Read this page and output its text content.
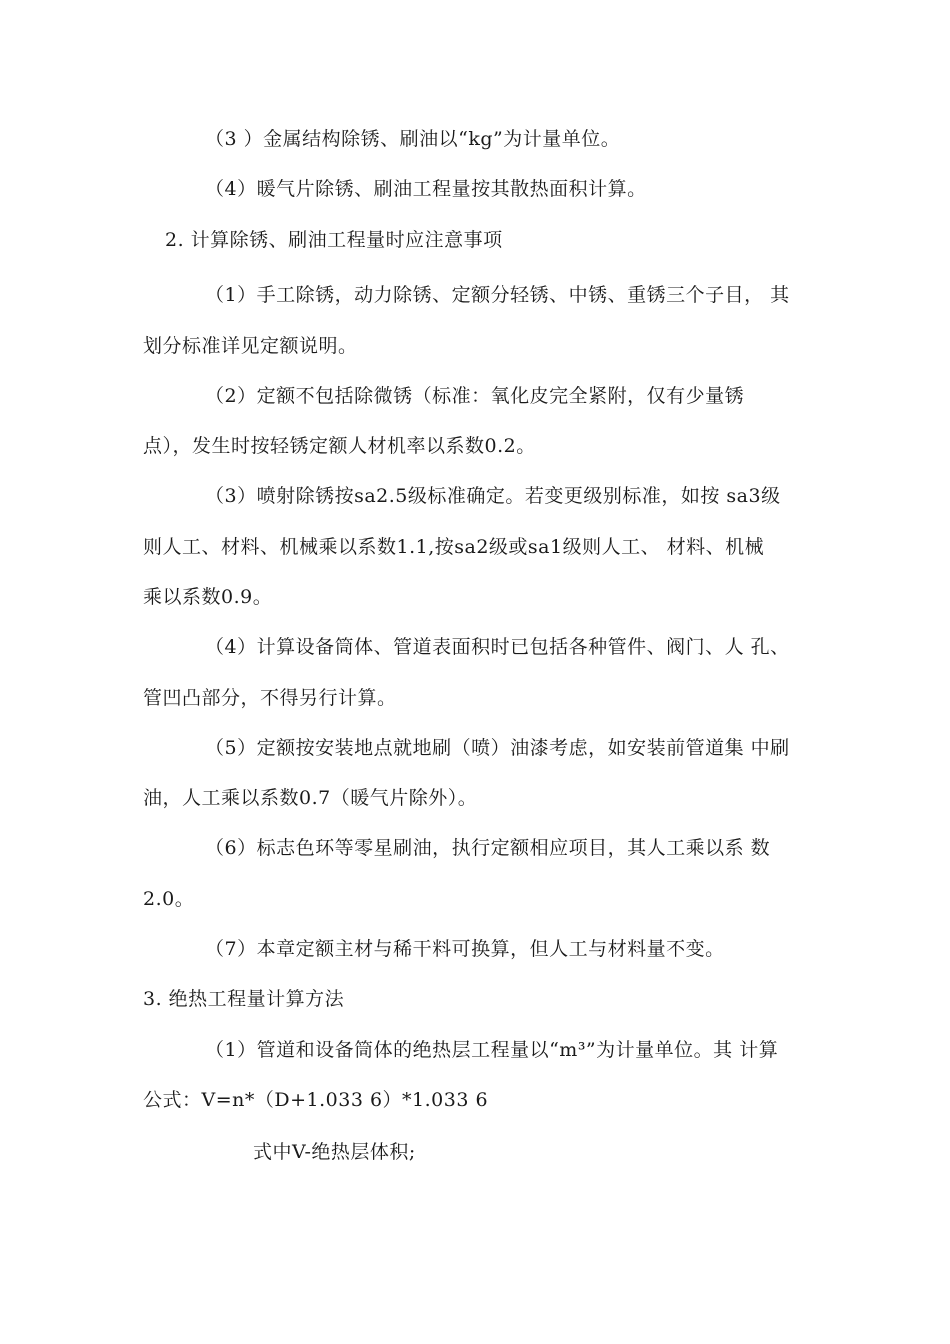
（3 ）金属结构除锈、刷油以“kg”为计量单位。
（4）暖气片除锈、刷油工程量按其散热面积计算。
2. 计算除锈、刷油工程量时应注意事项
（1）手工除锈，动力除锈、定额分轻锈、中锈、重锈三个子目， 其
划分标准详见定额说明。
（2）定额不包括除微锈（标准：氧化皮完全紧附，仅有少量锈
点），发生时按轻锈定额人材机率以系数0.2。
（3）喷射除锈按sa2.5级标准确定。若变更级别标准，如按 sa3级
则人工、材料、机械乘以系数1.1,按sa2级或sa1级则人工、 材料、机械
乘以系数0.9。
（4）计算设备筒体、管道表面积时已包括各种管件、阀门、人 孔、
管凹凸部分，不得另行计算。
（5）定额按安装地点就地刷（喷）油漆考虑，如安装前管道集 中刷
油，人工乘以系数0.7（暖气片除外）。
（6）标志色环等零星刷油，执行定额相应项目，其人工乘以系 数
2.0。
（7）本章定额主材与稀干料可换算，但人工与材料量不变。
3. 绝热工程量计算方法
（1）管道和设备筒体的绝热层工程量以“m³”为计量单位。其 计算
公式：V=n*（D+1.033 6）*1.033 6
式中V-绝热层体积;
